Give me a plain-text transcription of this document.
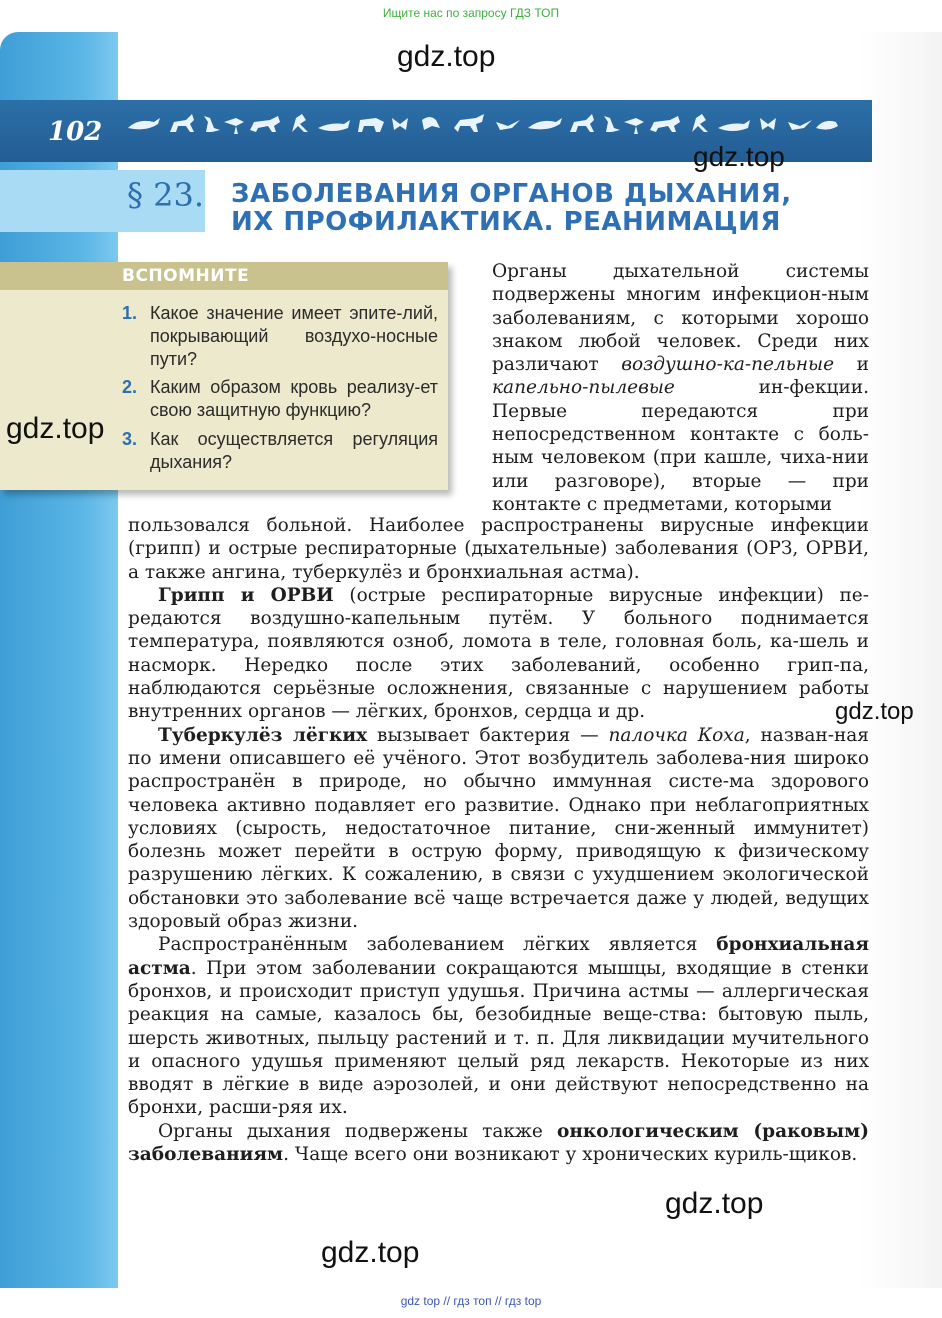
Ищите нас по запросу ГДЗ ТОП
102
§ 23. ЗАБОЛЕВАНИЯ ОРГАНОВ ДЫХАНИЯ,
ИХ ПРОФИЛАКТИКА. РЕАНИМАЦИЯ
ВСПОМНИТЕ
1. Какое значение имеет эпите-лий, покрывающий воздухо-носные пути?
2. Каким образом кровь реализу-ет свою защитную функцию?
3. Как осуществляется регуляция дыхания?

Органы дыхательной системы подвержены многим инфекцион-ным заболеваниям, с которыми хорошо знаком любой человек. Среди них различают воздушно-ка-пельные и капельно-пылевые ин-фекции. Первые передаются при непосредственном контакте с боль-ным человеком (при кашле, чиха-нии или разговоре), вторые — при контакте с предметами, которыми

пользовался больной. Наиболее распространены вирусные инфекции (грипп) и острые респираторные (дыхательные) заболевания (ОРЗ, ОРВИ, а также ангина, туберкулёз и бронхиальная астма).

Грипп и ОРВИ (острые респираторные вирусные инфекции) пе-редаются воздушно-капельным путём. У больного поднимается температура, появляются озноб, ломота в теле, головная боль, ка-шель и насморк. Нередко после этих заболеваний, особенно грип-па, наблюдаются серьёзные осложнения, связанные с нарушением работы внутренних органов — лёгких, бронхов, сердца и др.

Туберкулёз лёгких вызывает бактерия — палочка Коха, назван-ная по имени описавшего её учёного. Этот возбудитель заболева-ния широко распространён в природе, но обычно иммунная систе-ма здорового человека активно подавляет его развитие. Однако при неблагоприятных условиях (сырость, недостаточное питание, сни-женный иммунитет) болезнь может перейти в острую форму, приводящую к физическому разрушению лёгких. К сожалению, в связи с ухудшением экологической обстановки это заболевание всё чаще встречается даже у людей, ведущих здоровый образ жизни.

Распространённым заболеванием лёгких является бронхиальная астма. При этом заболевании сокращаются мышцы, входящие в стенки бронхов, и происходит приступ удушья. Причина астмы — аллергическая реакция на самые, казалось бы, безобидные веще-ства: бытовую пыль, шерсть животных, пыльцу растений и т. п. Для ликвидации мучительного и опасного удушья применяют целый ряд лекарств. Некоторые из них вводят в лёгкие в виде аэрозолей, и они действуют непосредственно на бронхи, расши-ряя их.

Органы дыхания подвержены также онкологическим (раковым) заболеваниям. Чаще всего они возникают у хронических куриль-щиков.

gdz.top
gdz.top
gdz.top
gdz.top
gdz.top
gdz.top
gdz top // гдз топ // гдз top
